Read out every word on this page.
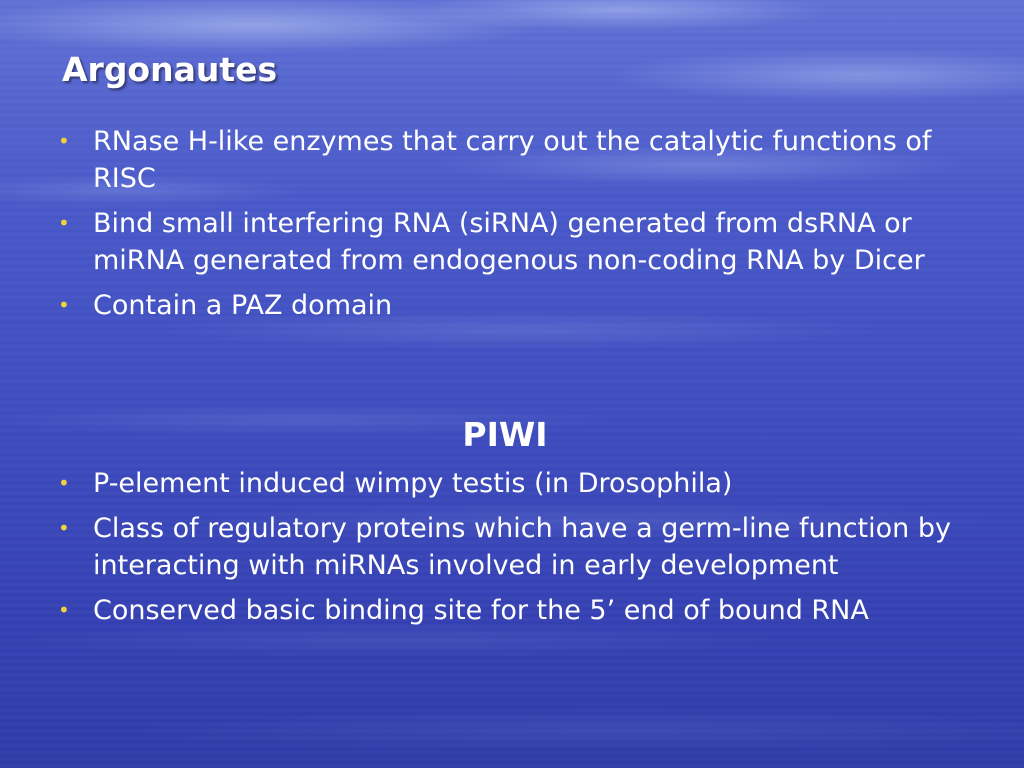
Argonautes
• RNase H-like enzymes that carry out the catalytic functions of RISC
• Bind small interfering RNA (siRNA) generated from dsRNA or miRNA generated from endogenous non-coding RNA by Dicer
• Contain a PAZ domain
PIWI
• P-element induced wimpy testis (in Drosophila)
• Class of regulatory proteins which have a germ-line function by interacting with miRNAs involved in early development
• Conserved basic binding site for the 5’ end of bound RNA
